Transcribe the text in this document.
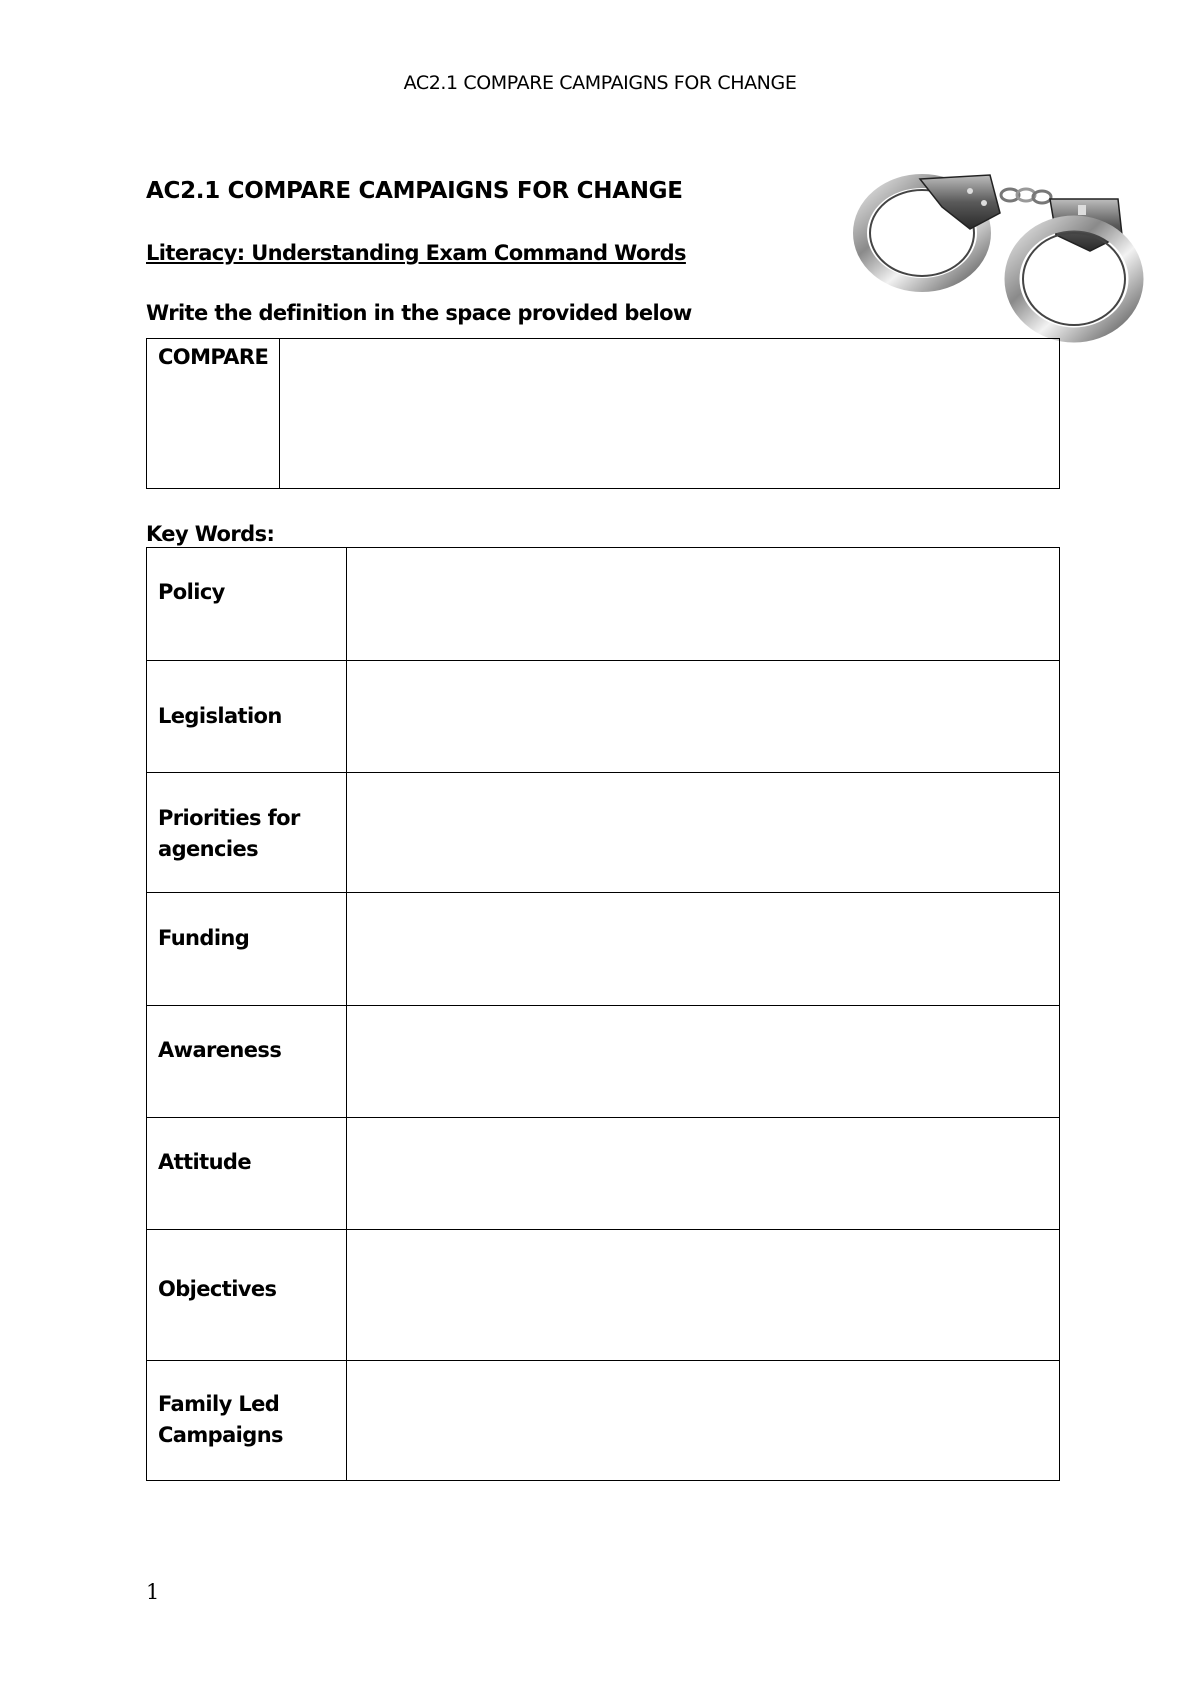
AC2.1 COMPARE CAMPAIGNS FOR CHANGE
AC2.1 COMPARE CAMPAIGNS FOR CHANGE
Literacy: Understanding Exam Command Words
Write the definition in the space provided below
COMPARE	
Key Words:
Policy	
Legislation	
Priorities for agencies	
Funding	
Awareness	
Attitude	
Objectives	
Family Led Campaigns	
1
